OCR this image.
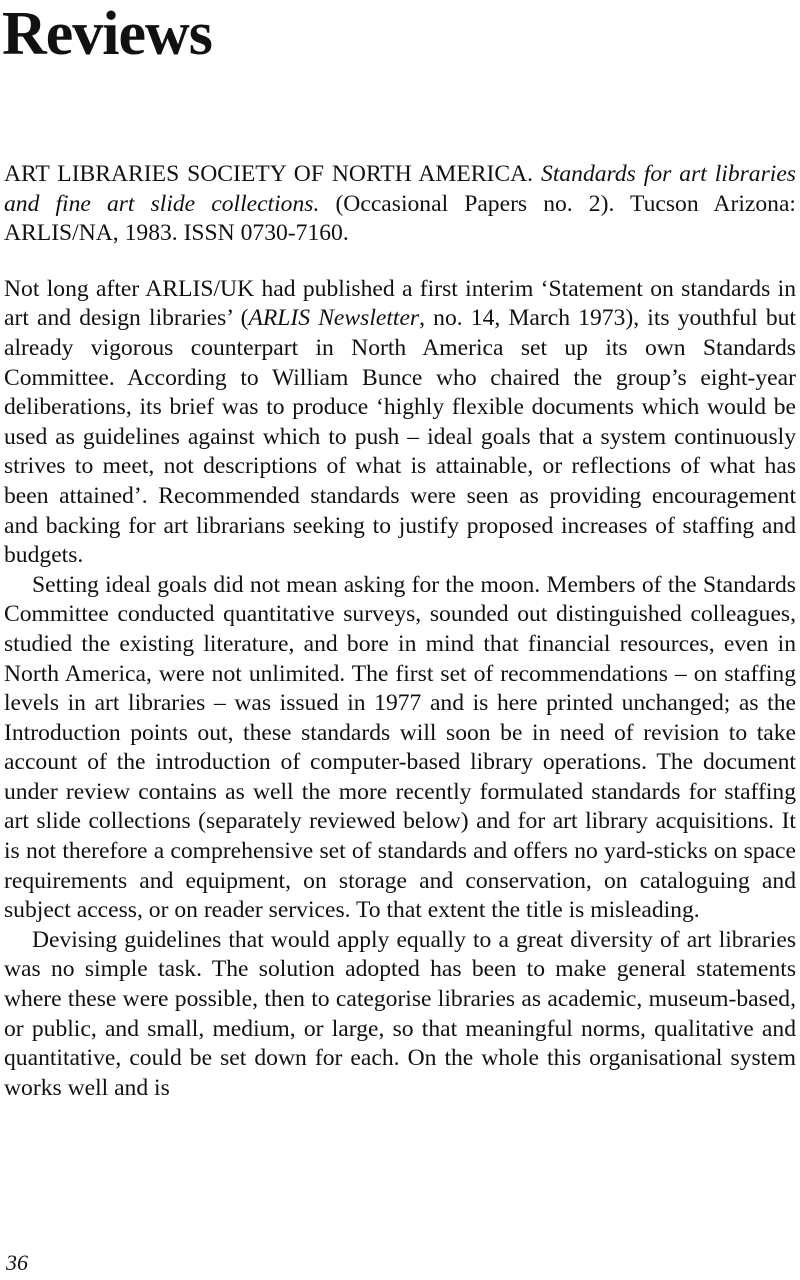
Reviews

ART LIBRARIES SOCIETY OF NORTH AMERICA. Standards for art libraries and fine art slide collections. (Occasional Papers no. 2). Tucson Arizona: ARLIS/NA, 1983. ISSN 0730-7160.

Not long after ARLIS/UK had published a first interim ‘Statement on standards in art and design libraries’ (ARLIS Newsletter, no. 14, March 1973), its youthful but already vigorous counterpart in North America set up its own Standards Committee. According to William Bunce who chaired the group’s eight-year deliberations, its brief was to produce ‘highly flexible documents which would be used as guidelines against which to push – ideal goals that a system continuously strives to meet, not descriptions of what is attainable, or reflections of what has been attained’. Recommended standards were seen as providing encouragement and backing for art librarians seeking to justify proposed increases of staffing and budgets.

Setting ideal goals did not mean asking for the moon. Members of the Standards Committee conducted quantitative surveys, sounded out distinguished colleagues, studied the existing literature, and bore in mind that financial resources, even in North America, were not unlimited. The first set of recommendations – on staffing levels in art libraries – was issued in 1977 and is here printed unchanged; as the Introduction points out, these standards will soon be in need of revision to take account of the introduction of computer-based library operations. The document under review contains as well the more recently formulated standards for staffing art slide collections (separately reviewed below) and for art library acquisitions. It is not therefore a comprehensive set of standards and offers no yard-sticks on space requirements and equipment, on storage and conservation, on cataloguing and subject access, or on reader services. To that extent the title is misleading.

Devising guidelines that would apply equally to a great diversity of art libraries was no simple task. The solution adopted has been to make general statements where these were possible, then to categorise libraries as academic, museum-based, or public, and small, medium, or large, so that meaningful norms, qualitative and quantitative, could be set down for each. On the whole this organisational system works well and is

36
